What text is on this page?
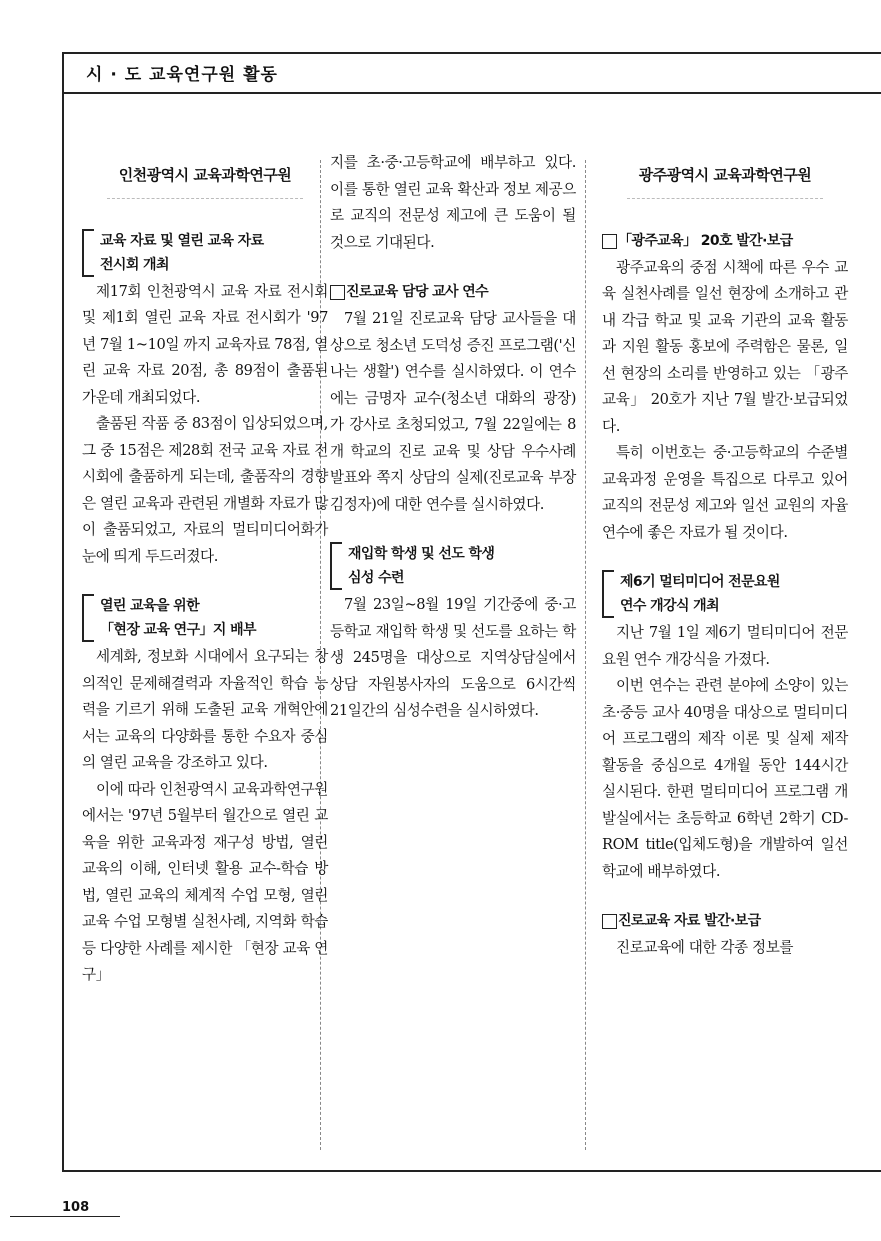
시 · 도 교육연구원 활동
인천광역시 교육과학연구원
교육 자료 및 열린 교육 자료
전시회 개최

제17회 인천광역시 교육 자료 전시회 및 제1회 열린 교육 자료 전시회가 '97년 7월 1~10일 까지 교육자료 78점, 열린 교육 자료 20점, 총 89점이 출품된 가운데 개최되었다.

출품된 작품 중 83점이 입상되었으며, 그 중 15점은 제28회 전국 교육 자료 전시회에 출품하게 되는데, 출품작의 경향은 열린 교육과 관련된 개별화 자료가 많이 출품되었고, 자료의 멀티미디어화가 눈에 띄게 두드러졌다.

열린 교육을 위한
「현장 교육 연구」지 배부

세계화, 정보화 시대에서 요구되는 창의적인 문제해결력과 자율적인 학습 능력을 기르기 위해 도출된 교육 개혁안에서는 교육의 다양화를 통한 수요자 중심의 열린 교육을 강조하고 있다.

이에 따라 인천광역시 교육과학연구원에서는 '97년 5월부터 월간으로 열린 교육을 위한 교육과정 재구성 방법, 열린 교육의 이해, 인터넷 활용 교수-학습 방법, 열린 교육의 체계적 수업 모형, 열린 교육 수업 모형별 실천사례, 지역화 학습 등 다양한 사례를 제시한 「현장 교육 연구」

지를 초·중·고등학교에 배부하고 있다. 이를 통한 열린 교육 확산과 정보 제공으로 교직의 전문성 제고에 큰 도움이 될 것으로 기대된다.

진로교육 담당 교사 연수

7월 21일 진로교육 담당 교사들을 대상으로 청소년 도덕성 증진 프로그램('신나는 생활') 연수를 실시하였다. 이 연수에는 금명자 교수(청소년 대화의 광장)가 강사로 초청되었고, 7월 22일에는 8개 학교의 진로 교육 및 상담 우수사례 발표와 쪽지 상담의 실제(진로교육 부장 김정자)에 대한 연수를 실시하였다.

재입학 학생 및 선도 학생
심성 수련

7월 23일~8월 19일 기간중에 중·고등학교 재입학 학생 및 선도를 요하는 학생 245명을 대상으로 지역상담실에서 상담 자원봉사자의 도움으로 6시간씩 21일간의 심성수련을 실시하였다.

광주광역시 교육과학연구원
「광주교육」 20호 발간·보급

광주교육의 중점 시책에 따른 우수 교육 실천사례를 일선 현장에 소개하고 관내 각급 학교 및 교육 기관의 교육 활동과 지원 활동 홍보에 주력함은 물론, 일선 현장의 소리를 반영하고 있는 「광주교육」 20호가 지난 7월 발간·보급되었다.

특히 이번호는 중·고등학교의 수준별 교육과정 운영을 특집으로 다루고 있어 교직의 전문성 제고와 일선 교원의 자율 연수에 좋은 자료가 될 것이다.

제6기 멀티미디어 전문요원
연수 개강식 개최

지난 7월 1일 제6기 멀티미디어 전문요원 연수 개강식을 가졌다.

이번 연수는 관련 분야에 소양이 있는 초·중등 교사 40명을 대상으로 멀티미디어 프로그램의 제작 이론 및 실제 제작 활동을 중심으로 4개월 동안 144시간 실시된다. 한편 멀티미디어 프로그램 개발실에서는 초등학교 6학년 2학기 CD-ROM title(입체도형)을 개발하여 일선 학교에 배부하였다.

진로교육 자료 발간·보급

진로교육에 대한 각종 정보를

108
